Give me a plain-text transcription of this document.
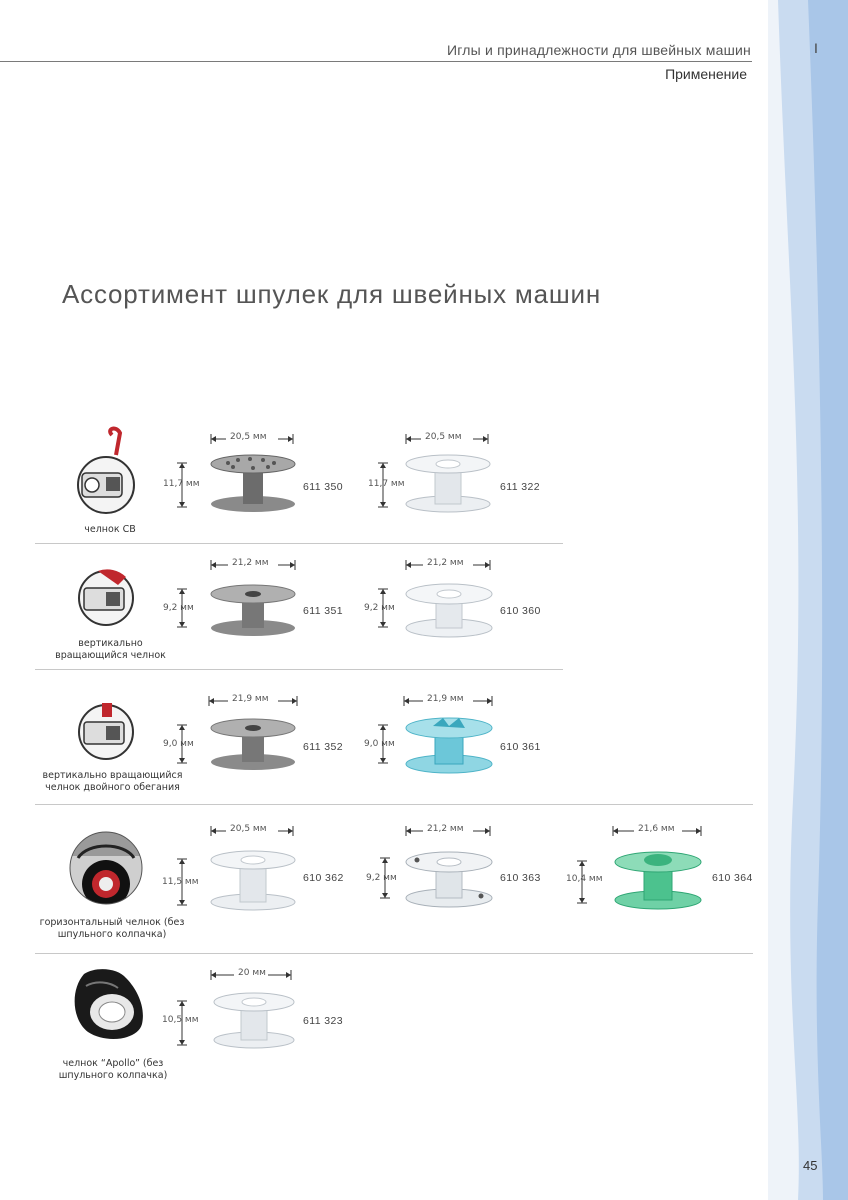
Иглы и принадлежности для швейных машин
Применение
I
Ассортимент шпулек для швейных машин
челнок СВ
20,5 мм
11,7 мм	611 350
20,5 мм
11,7 мм	611 322
вертикально вращающийся челнок
21,2 мм
9,2 мм	611 351
21,2 мм
9,2 мм	610 360
вертикально вращающийся челнок двойного обегания
21,9 мм
9,0 мм	611 352
21,9 мм
9,0 мм	610 361
горизонтальный челнок (без шпульного колпачка)
20,5 мм
11,5 мм	610 362
21,2 мм
9,2 мм	610 363
21,6 мм
10,4 мм	610 364
челнок “Apollo” (без шпульного колпачка)
20 мм
10,5 мм	611 323
45
